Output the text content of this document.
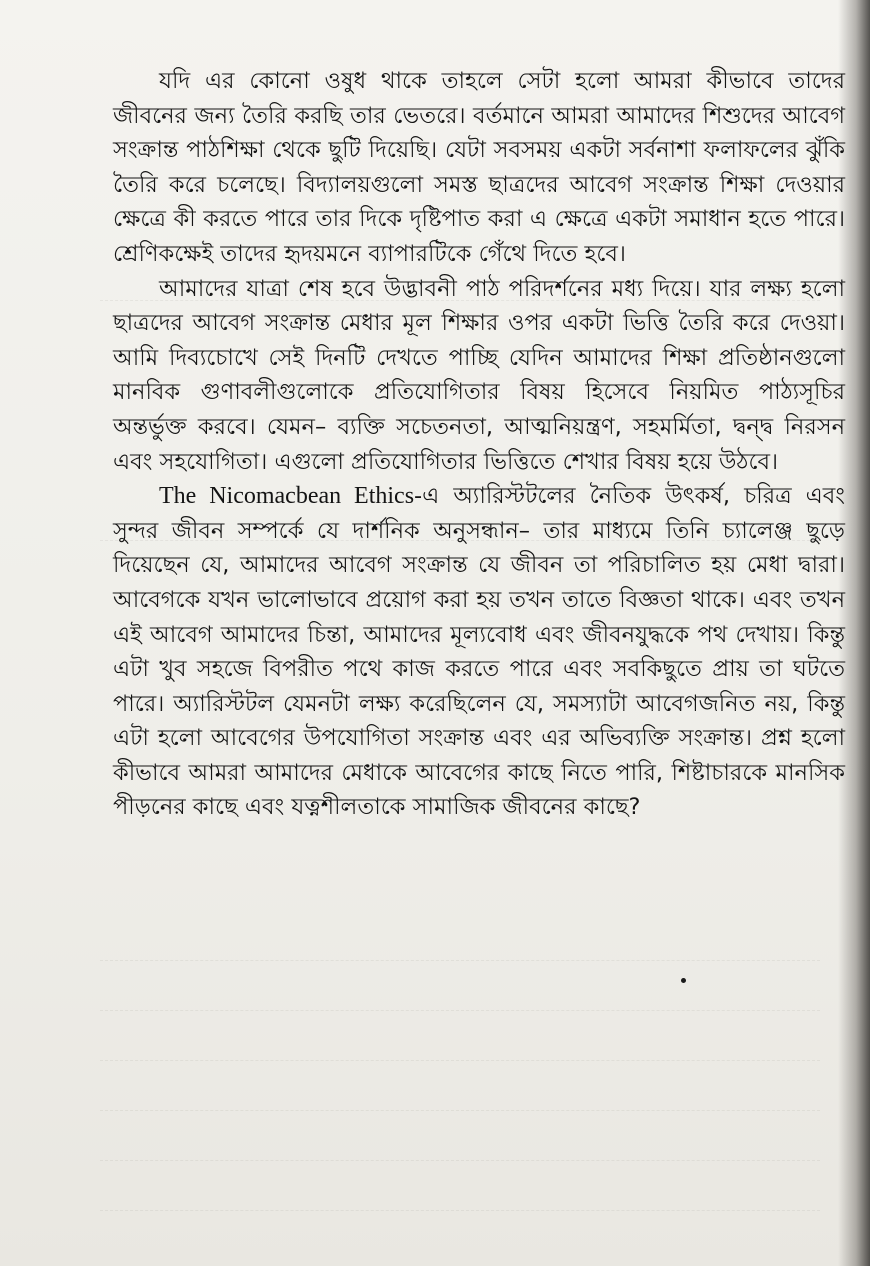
যদি এর কোনো ওষুধ থাকে তাহলে সেটা হলো আমরা কীভাবে তাদের জীবনের জন্য তৈরি করছি তার ভেতরে। বর্তমানে আমরা আমাদের শিশুদের আবেগ সংক্রান্ত পাঠশিক্ষা থেকে ছুটি দিয়েছি। যেটা সবসময় একটা সর্বনাশা ফলাফলের ঝুঁকি তৈরি করে চলেছে। বিদ্যালয়গুলো সমস্ত ছাত্রদের আবেগ সংক্রান্ত শিক্ষা দেওয়ার ক্ষেত্রে কী করতে পারে তার দিকে দৃষ্টিপাত করা এ ক্ষেত্রে একটা সমাধান হতে পারে। শ্রেণিকক্ষেই তাদের হৃদয়মনে ব্যাপারটিকে গেঁথে দিতে হবে।

আমাদের যাত্রা শেষ হবে উদ্ভাবনী পাঠ পরিদর্শনের মধ্য দিয়ে। যার লক্ষ্য হলো ছাত্রদের আবেগ সংক্রান্ত মেধার মূল শিক্ষার ওপর একটা ভিত্তি তৈরি করে দেওয়া। আমি দিব্যচোখে সেই দিনটি দেখতে পাচ্ছি যেদিন আমাদের শিক্ষা প্রতিষ্ঠানগুলো মানবিক গুণাবলীগুলোকে প্রতিযোগিতার বিষয় হিসেবে নিয়মিত পাঠ্যসূচির অন্তর্ভুক্ত করবে। যেমন– ব্যক্তি সচেতনতা, আত্মনিয়ন্ত্রণ, সহমর্মিতা, দ্বন্দ্ব নিরসন এবং সহযোগিতা। এগুলো প্রতিযোগিতার ভিত্তিতে শেখার বিষয় হয়ে উঠবে।

The Nicomacbean Ethics-এ অ্যারিস্টটলের নৈতিক উৎকর্ষ, চরিত্র এবং সুন্দর জীবন সম্পর্কে যে দার্শনিক অনুসন্ধান– তার মাধ্যমে তিনি চ্যালেঞ্জ ছুড়ে দিয়েছেন যে, আমাদের আবেগ সংক্রান্ত যে জীবন তা পরিচালিত হয় মেধা দ্বারা। আবেগকে যখন ভালোভাবে প্রয়োগ করা হয় তখন তাতে বিজ্ঞতা থাকে। এবং তখন এই আবেগ আমাদের চিন্তা, আমাদের মূল্যবোধ এবং জীবনযুদ্ধকে পথ দেখায়। কিন্তু এটা খুব সহজে বিপরীত পথে কাজ করতে পারে এবং সবকিছুতে প্রায় তা ঘটতে পারে। অ্যারিস্টটল যেমনটা লক্ষ্য করেছিলেন যে, সমস্যাটা আবেগজনিত নয়, কিন্তু এটা হলো আবেগের উপযোগিতা সংক্রান্ত এবং এর অভিব্যক্তি সংক্রান্ত। প্রশ্ন হলো কীভাবে আমরা আমাদের মেধাকে আবেগের কাছে নিতে পারি, শিষ্টাচারকে মানসিক পীড়নের কাছে এবং যত্নশীলতাকে সামাজিক জীবনের কাছে?
